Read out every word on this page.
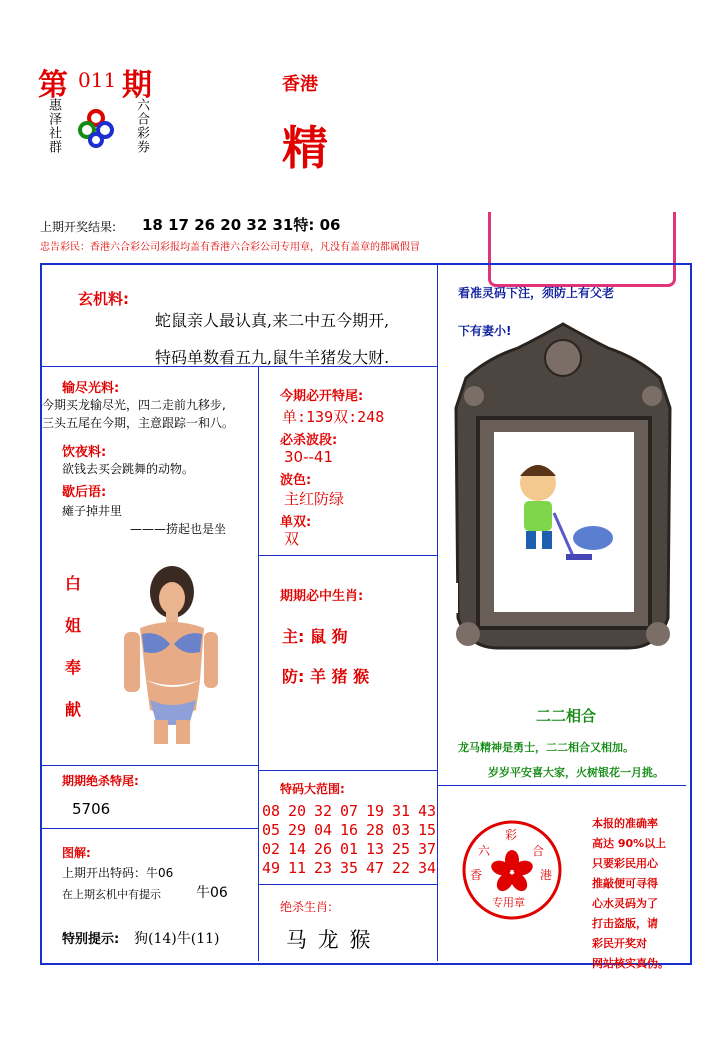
第 011 期
惠泽社群	六合彩券
香港
精
上期开奖结果: 18 17 26 20 32 31特: 06
忠告彩民：香港六合彩公司彩报均盖有香港六合彩公司专用章，凡没有盖章的都属假冒
玄机料:
蛇鼠亲人最认真,来二中五今期开,
特码单数看五九,鼠牛羊猪发大财.
输尽光料:
今期买龙输尽光，四二走前九移步,
三头五尾在今期，主意跟踪一和八。
饮夜料:
欲钱去买会跳舞的动物。
歇后语:
瘫子掉井里
———捞起也是坐
今期必开特尾:
单:139双:248
必杀波段:
30--41
波色:
主红防绿
单双:
双
白
姐
奉
献
期期必中生肖:
主: 鼠 狗
防: 羊 猪 猴
看准灵码下注，须防上有父老
下有妻小!
二二相合
龙马精神是勇士，二二相合又相加。
岁岁平安喜大家，火树银花一月挑。
期期绝杀特尾:
5706
特码大范围:
08 20 32 07 19 31 43
05 29 04 16 28 03 15
02 14 26 01 13 25 37
49 11 23 35 47 22 34
图解:
上期开出特码：牛06
在上期玄机中有提示	牛06
特别提示: 狗(14)牛(11)
绝杀生肖:
马 龙 猴
彩
六	合
香	港
专用章
本报的准确率
高达 90%以上
只要彩民用心
推敲便可寻得
心水灵码为了
打击盗版，请
彩民开奖对
网站核实真伪。
